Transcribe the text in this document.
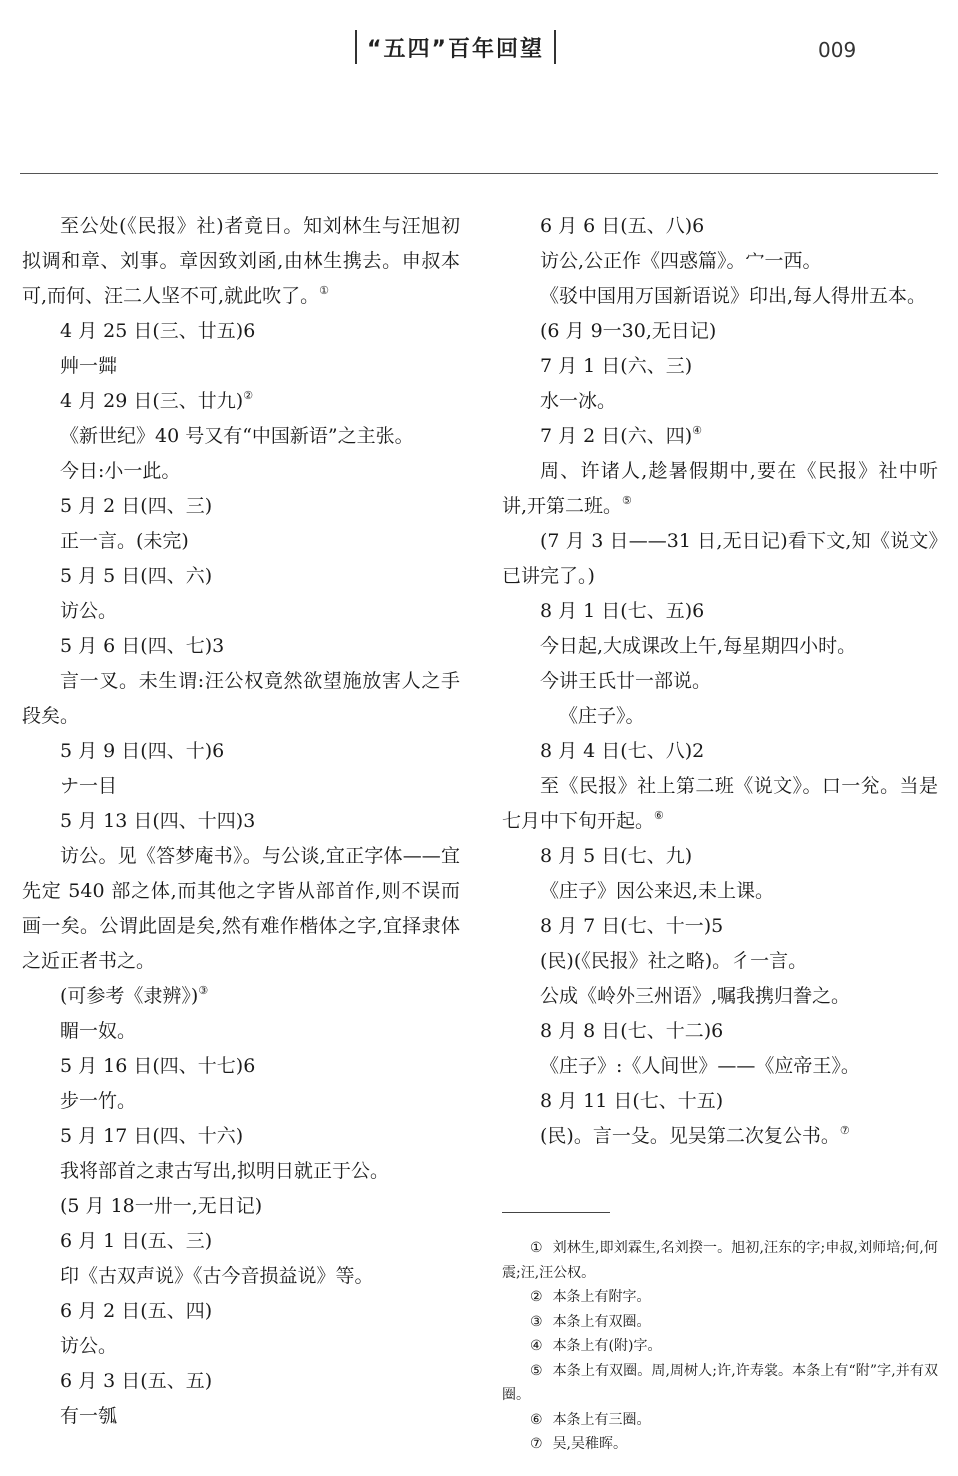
“五四”百年回望	009

至公处(《民报》社)者竟日。知刘林生与汪旭初拟调和章、刘事。章因致刘函,由林生携去。申叔本可,而何、汪二人坚不可,就此吹了。①

4 月 25 日(三、廿五)6

艸一茻

4 月 29 日(三、廿九)②

《新世纪》40 号又有“中国新语”之主张。

今日:小一此。

5 月 2 日(四、三)

正一言。(未完)

5 月 5 日(四、六)

访公。

5 月 6 日(四、七)3

言一叉。未生谓:汪公权竟然欲望施放害人之手段矣。

5 月 9 日(四、十)6

ナ一目

5 月 13 日(四、十四)3

访公。见《答梦庵书》。与公谈,宜正字体——宜先定 540 部之体,而其他之字皆从部首作,则不误而画一矣。公谓此固是矣,然有难作楷体之字,宜择隶体之近正者书之。

(可参考《隶辨》)③

睸一奴。

5 月 16 日(四、十七)6

步一竹。

5 月 17 日(四、十六)

我将部首之隶古写出,拟明日就正于公。

(5 月 18一卅一,无日记)

6 月 1 日(五、三)

印《古双声说》《古今音损益说》等。

6 月 2 日(五、四)

访公。

6 月 3 日(五、五)

有一瓠

6 月 6 日(五、八)6

访公,公正作《四惑篇》。宀一西。

《驳中国用万国新语说》印出,每人得卅五本。

(6 月 9一30,无日记)

7 月 1 日(六、三)

水一冰。

7 月 2 日(六、四)④

周、许诸人,趁暑假期中,要在《民报》社中听讲,开第二班。⑤

(7 月 3 日——31 日,无日记)看下文,知《说文》已讲完了。)

8 月 1 日(七、五)6

今日起,大成课改上午,每星期四小时。

今讲王氏廿一部说。

《庄子》。

8 月 4 日(七、八)2

至《民报》社上第二班《说文》。口一兊。当是七月中下旬开起。⑥

8 月 5 日(七、九)

《庄子》因公来迟,未上课。

8 月 7 日(七、十一)5

(民)(《民报》社之略)。彳一言。

公成《岭外三州语》,嘱我携归誊之。

8 月 8 日(七、十二)6

《庄子》:《人间世》——《应帝王》。

8 月 11 日(七、十五)

(民)。言一殳。见吴第二次复公书。⑦

① 刘林生,即刘霖生,名刘揆一。旭初,汪东的字;申叔,刘师培;何,何震;汪,汪公权。

② 本条上有附字。

③ 本条上有双圈。

④ 本条上有(附)字。

⑤ 本条上有双圈。周,周树人;许,许寿裳。本条上有“附”字,并有双圈。

⑥ 本条上有三圈。

⑦ 吴,吴稚晖。
